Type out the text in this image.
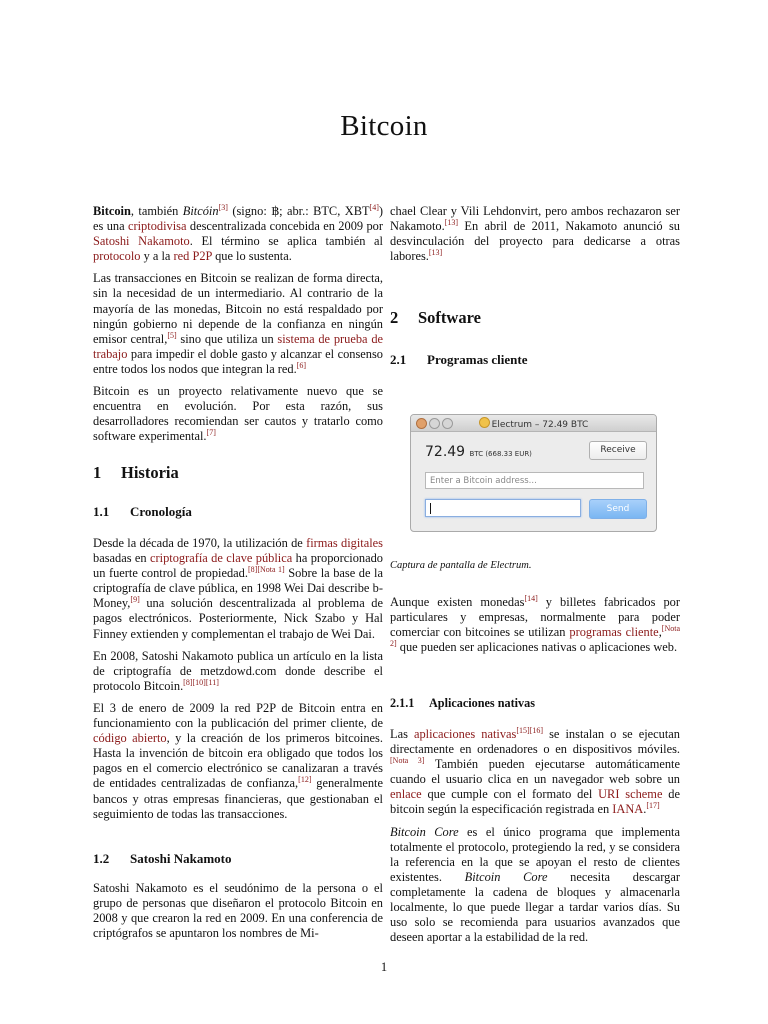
Bitcoin

Bitcoin, también Bitcóin[3] (signo: ฿; abr.: BTC, XBT[4]) es una criptodivisa descentralizada concebida en 2009 por Satoshi Nakamoto. El término se aplica también al protocolo y a la red P2P que lo sustenta.

Las transacciones en Bitcoin se realizan de forma directa, sin la necesidad de un intermediario. Al contrario de la mayoría de las monedas, Bitcoin no está respaldado por ningún gobierno ni depende de la confianza en ningún emisor central,[5] sino que utiliza un sistema de prueba de trabajo para impedir el doble gasto y alcanzar el consenso entre todos los nodos que integran la red.[6]

Bitcoin es un proyecto relativamente nuevo que se encuentra en evolución. Por esta razón, sus desarrolladores recomiendan ser cautos y tratarlo como software experimental.[7]

1 Historia
1.1 Cronología

Desde la década de 1970, la utilización de firmas digitales basadas en criptografía de clave pública ha proporcionado un fuerte control de propiedad.[8][Nota 1] Sobre la base de la criptografía de clave pública, en 1998 Wei Dai describe b-Money,[9] una solución descentralizada al problema de pagos electrónicos. Posteriormente, Nick Szabo y Hal Finney extienden y complementan el trabajo de Wei Dai.

En 2008, Satoshi Nakamoto publica un artículo en la lista de criptografía de metzdowd.com donde describe el protocolo Bitcoin.[8][10][11]

El 3 de enero de 2009 la red P2P de Bitcoin entra en funcionamiento con la publicación del primer cliente, de código abierto, y la creación de los primeros bitcoines. Hasta la invención de bitcoin era obligado que todos los pagos en el comercio electrónico se canalizaran a través de entidades centralizadas de confianza,[12] generalmente bancos y otras empresas financieras, que gestionaban el seguimiento de todas las transacciones.

1.2 Satoshi Nakamoto

Satoshi Nakamoto es el seudónimo de la persona o el grupo de personas que diseñaron el protocolo Bitcoin en 2008 y que crearon la red en 2009. En una conferencia de criptógrafos se apuntaron los nombres de Mi-

chael Clear y Vili Lehdonvirt, pero ambos rechazaron ser Nakamoto.[13] En abril de 2011, Nakamoto anunció su desvinculación del proyecto para dedicarse a otras labores.[13]

2 Software
2.1 Programas cliente
Captura de pantalla de Electrum.

Aunque existen monedas[14] y billetes fabricados por particulares y empresas, normalmente para poder comerciar con bitcoines se utilizan programas cliente,[Nota 2] que pueden ser aplicaciones nativas o aplicaciones web.

2.1.1 Aplicaciones nativas

Las aplicaciones nativas[15][16] se instalan o se ejecutan directamente en ordenadores o en dispositivos móviles.[Nota 3] También pueden ejecutarse automáticamente cuando el usuario clica en un navegador web sobre un enlace que cumple con el formato del URI scheme de bitcoin según la especificación registrada en IANA.[17]

Bitcoin Core es el único programa que implementa totalmente el protocolo, protegiendo la red, y se considera la referencia en la que se apoyan el resto de clientes existentes. Bitcoin Core necesita descargar completamente la cadena de bloques y almacenarla localmente, lo que puede llegar a tardar varios días. Su uso solo se recomienda para usuarios avanzados que deseen aportar a la estabilidad de la red.

Electrum – 72.49 BTC
72.49 BTC (668.33 EUR)	Receive
Enter a Bitcoin address...
Send
1
